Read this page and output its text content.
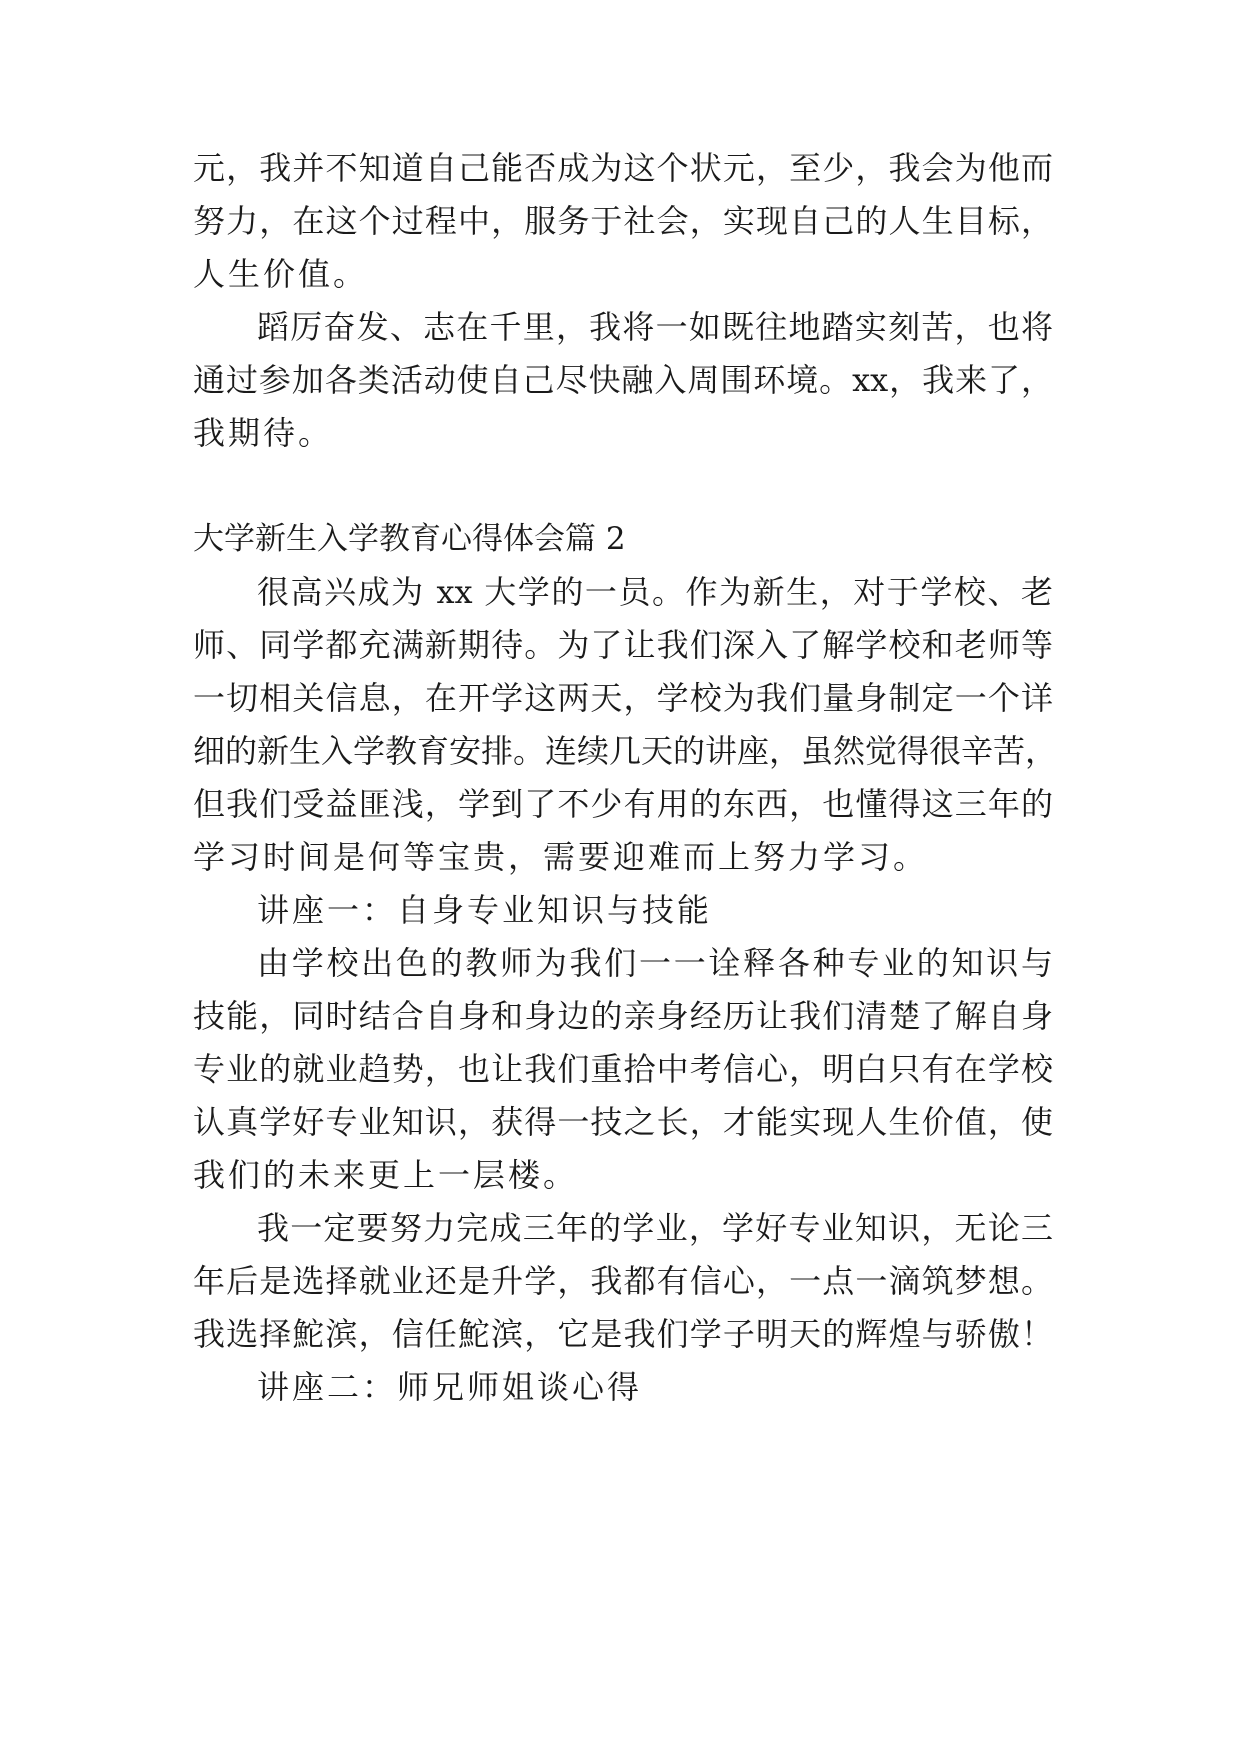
元，我并不知道自己能否成为这个状元，至少，我会为他而
努力，在这个过程中，服务于社会，实现自己的人生目标，
人生价值。
蹈厉奋发、志在千里，我将一如既往地踏实刻苦，也将
通过参加各类活动使自己尽快融入周围环境。xx，我来了，
我期待。
大学新生入学教育心得体会篇 2
很高兴成为 xx 大学的一员。作为新生，对于学校、老
师、同学都充满新期待。为了让我们深入了解学校和老师等
一切相关信息，在开学这两天，学校为我们量身制定一个详
细的新生入学教育安排。连续几天的讲座，虽然觉得很辛苦，
但我们受益匪浅，学到了不少有用的东西，也懂得这三年的
学习时间是何等宝贵，需要迎难而上努力学习。
讲座一：自身专业知识与技能
由学校出色的教师为我们一一诠释各种专业的知识与
技能，同时结合自身和身边的亲身经历让我们清楚了解自身
专业的就业趋势，也让我们重拾中考信心，明白只有在学校
认真学好专业知识，获得一技之长，才能实现人生价值，使
我们的未来更上一层楼。
我一定要努力完成三年的学业，学好专业知识，无论三
年后是选择就业还是升学，我都有信心，一点一滴筑梦想。
我选择鮀滨，信任鮀滨，它是我们学子明天的辉煌与骄傲！
讲座二：师兄师姐谈心得
